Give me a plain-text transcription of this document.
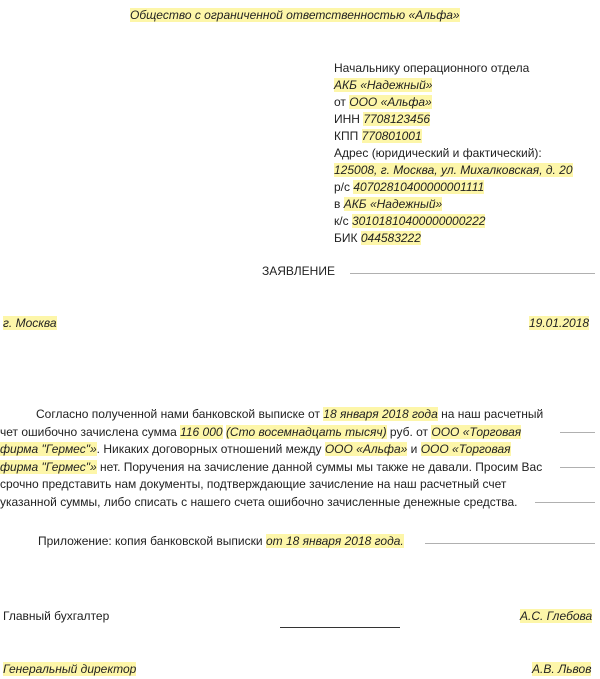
Общество с ограниченной ответственностью «Альфа»
Начальнику операционного отдела
АКБ «Надежный»
от ООО «Альфа»
ИНН 7708123456
КПП 770801001
Адрес (юридический и фактический):
125008, г. Москва, ул. Михалковская, д. 20
р/с 40702810400000001111
в АКБ «Надежный»
к/с 30101810400000000222
БИК 044583222
ЗАЯВЛЕНИЕ
г. Москва	19.01.2018
Согласно полученной нами банковской выписке от 18 января 2018 года на наш расчетный
чет ошибочно зачислена сумма 116 000 (Сто восемнадцать тысяч) руб. от ООО «Торговая
фирма "Гермес"». Никаких договорных отношений между ООО «Альфа» и ООО «Торговая
фирма "Гермес"» нет. Поручения на зачисление данной суммы мы также не давали. Просим Вас
срочно представить нам документы, подтверждающие зачисление на наш расчетный счет
указанной суммы, либо списать с нашего счета ошибочно зачисленные денежные средства.
Приложение: копия банковской выписки от 18 января 2018 года.
Главный бухгалтер	А.С. Глебова
Генеральный директор	А.В. Львов
